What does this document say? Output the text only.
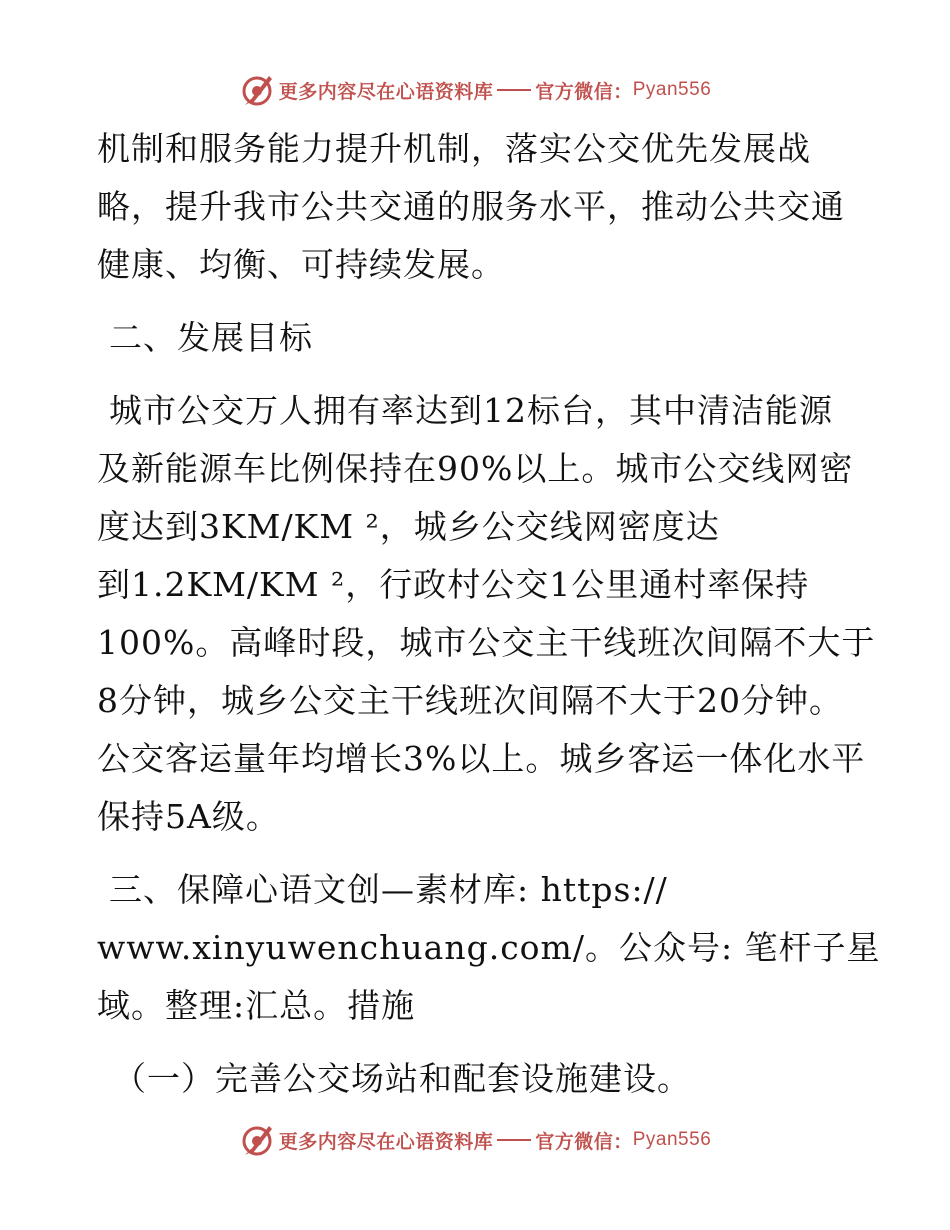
更多内容尽在心语资料库 官方微信： Pyan556
机制和服务能力提升机制，落实公交优先发展战
略，提升我市公共交通的服务水平，推动公共交通
健康、均衡、可持续发展。
二、发展目标
城市公交万人拥有率达到12标台，其中清洁能源
及新能源车比例保持在90%以上。城市公交线网密
度达到3KM/KM ²，城乡公交线网密度达
到1.2KM/KM ²，行政村公交1公里通村率保持
100%。高峰时段，城市公交主干线班次间隔不大于
8分钟，城乡公交主干线班次间隔不大于20分钟。
公交客运量年均增长3%以上。城乡客运一体化水平
保持5A级。
三、保障心语文创—素材库: https://
www.xinyuwenchuang.com/。公众号: 笔杆子星
域。整理:汇总。措施
（一）完善公交场站和配套设施建设。
更多内容尽在心语资料库 官方微信： Pyan556
